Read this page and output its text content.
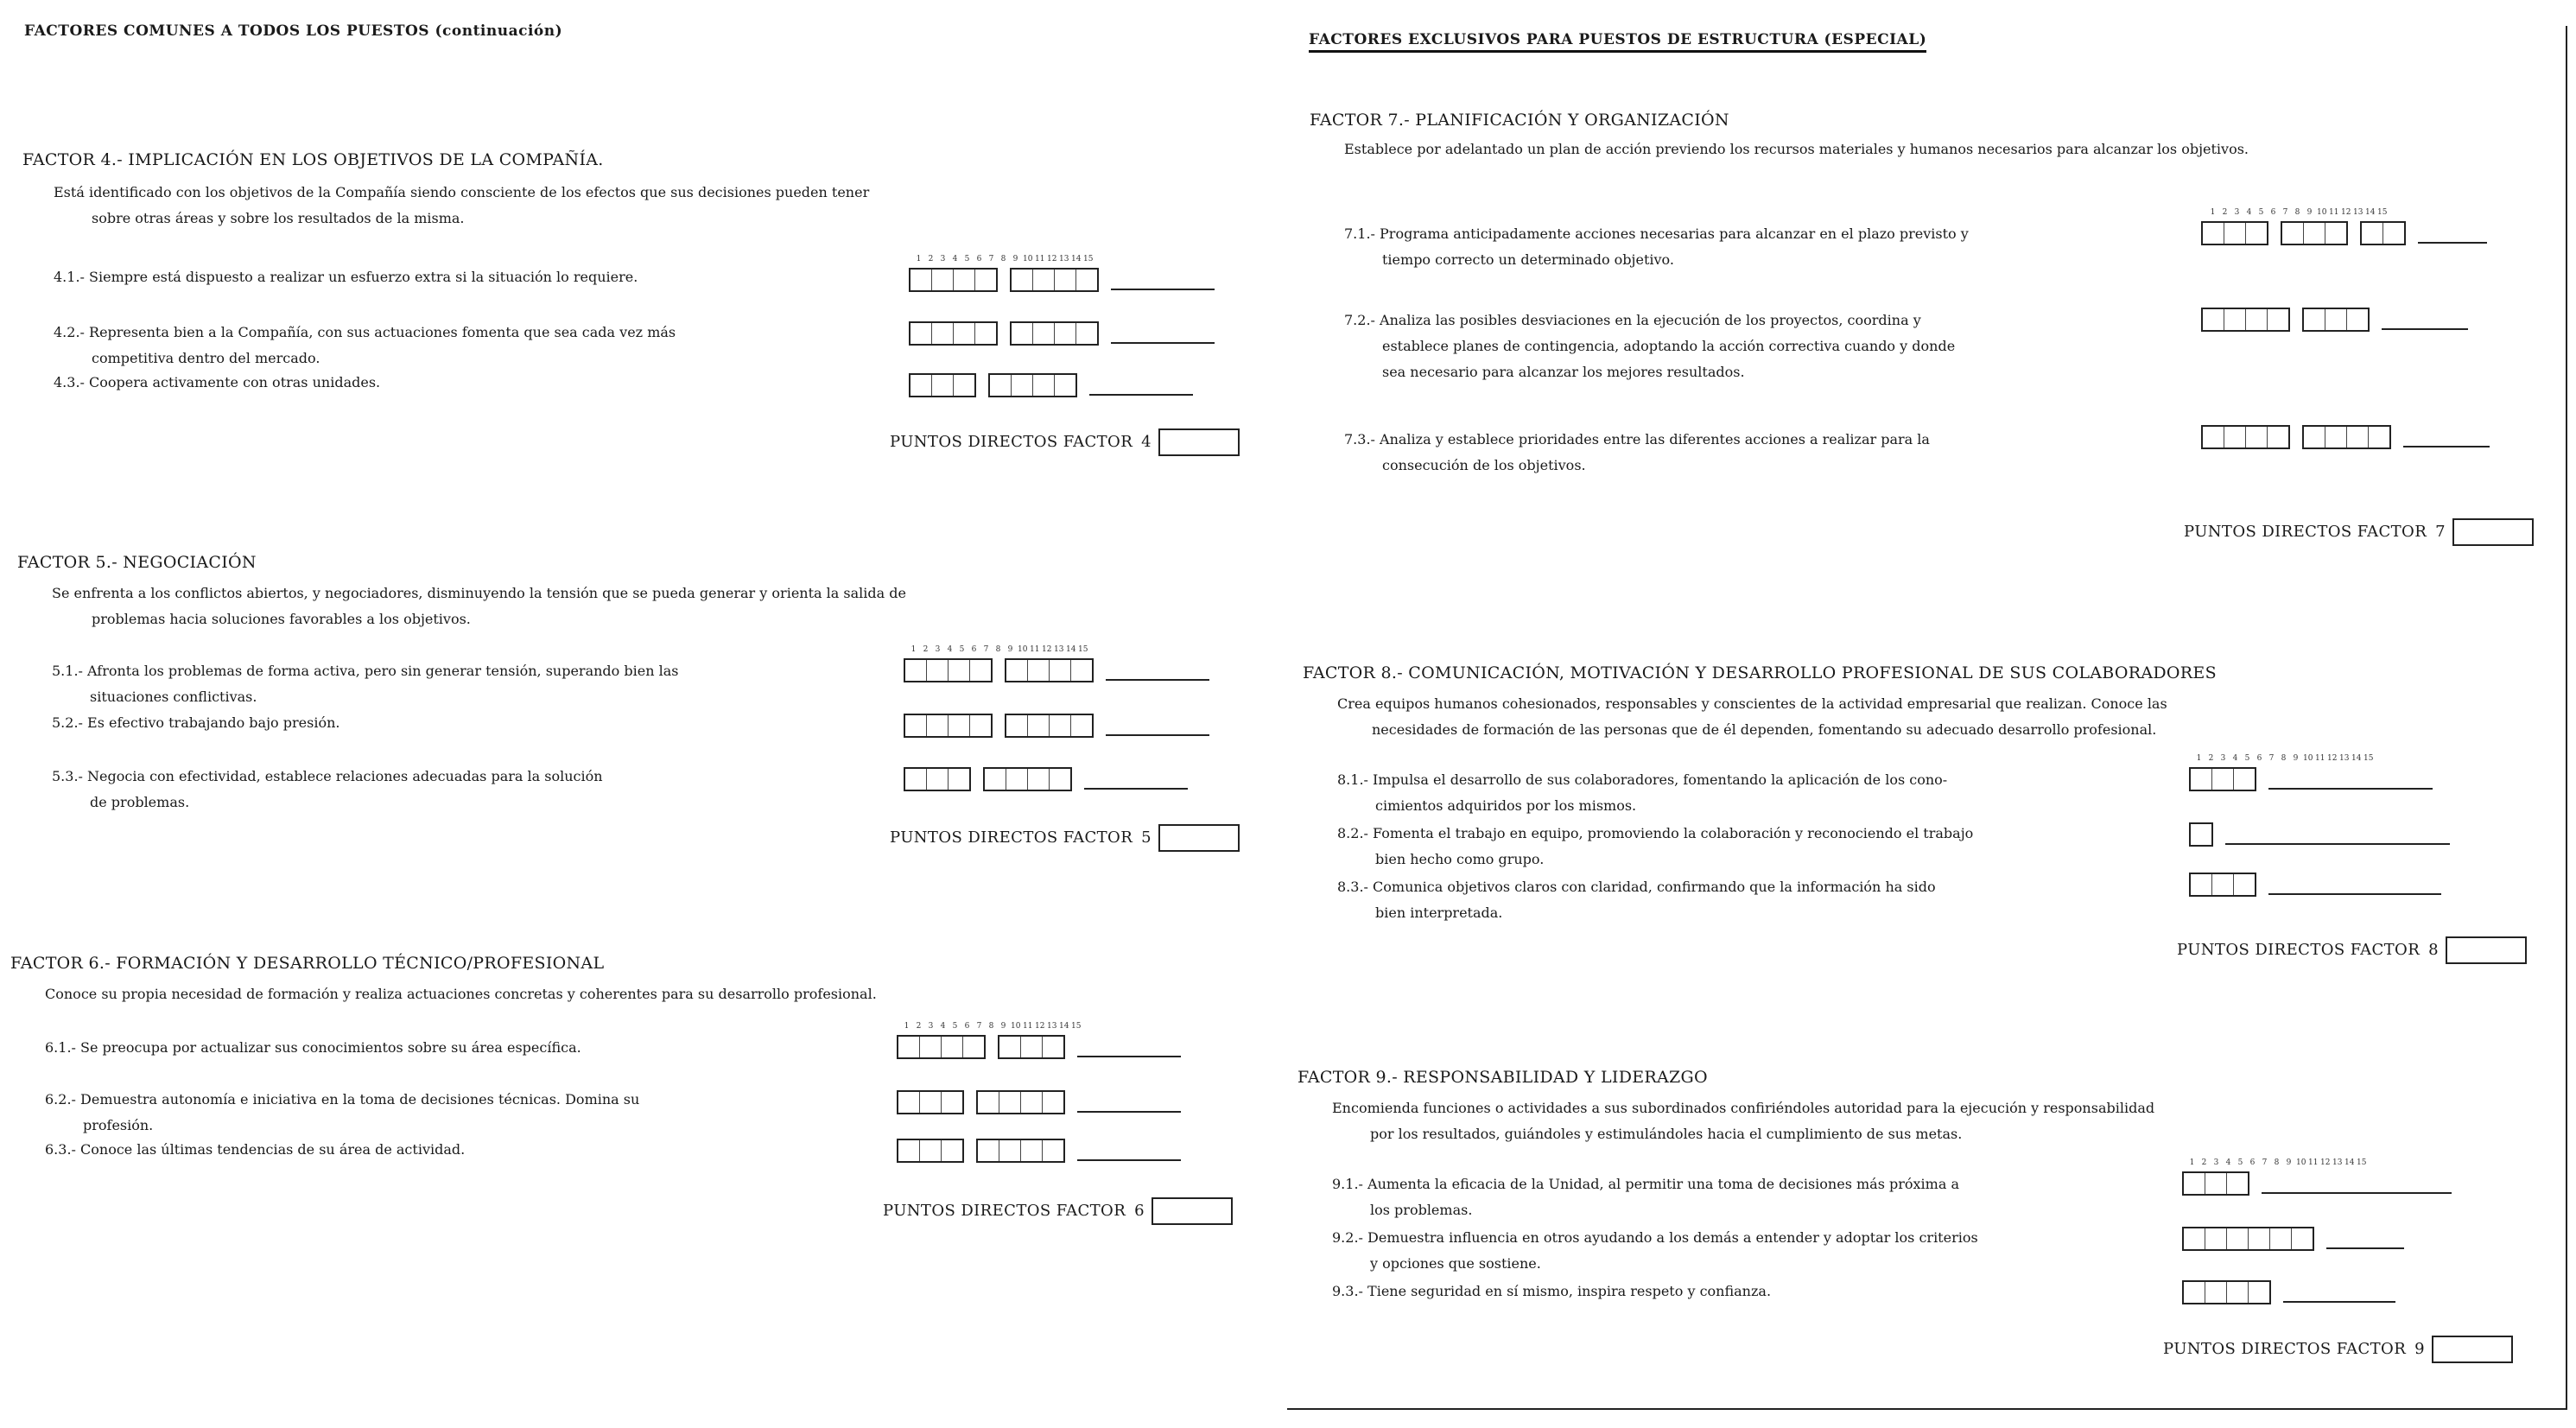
FACTORES COMUNES A TODOS LOS PUESTOS (continuación)	FACTORES EXCLUSIVOS PARA PUESTOS DE ESTRUCTURA (ESPECIAL)
FACTOR 4.- IMPLICACIÓN EN LOS OBJETIVOS DE LA COMPAÑÍA.
Está identificado con los objetivos de la Compañía siendo consciente de los efectos que sus decisiones pueden tener
sobre otras áreas y sobre los resultados de la misma.
4.1.- Siempre está dispuesto a realizar un esfuerzo extra si la situación lo requiere.
4.2.- Representa bien a la Compañía, con sus actuaciones fomenta que sea cada vez más
competitiva dentro del mercado.
4.3.- Coopera activamente con otras unidades.
1 2 3 4 5 6 7 8 9 10 11 12 13 14 15
PUNTOS DIRECTOS FACTOR 4
FACTOR 5.- NEGOCIACIÓN
Se enfrenta a los conflictos abiertos, y negociadores, disminuyendo la tensión que se pueda generar y orienta la salida de
problemas hacia soluciones favorables a los objetivos.
5.1.- Afronta los problemas de forma activa, pero sin generar tensión, superando bien las
situaciones conflictivas.
5.2.- Es efectivo trabajando bajo presión.
5.3.- Negocia con efectividad, establece relaciones adecuadas para la solución
de problemas.
1 2 3 4 5 6 7 8 9 10 11 12 13 14 15
PUNTOS DIRECTOS FACTOR 5
FACTOR 6.- FORMACIÓN Y DESARROLLO TÉCNICO/PROFESIONAL
Conoce su propia necesidad de formación y realiza actuaciones concretas y coherentes para su desarrollo profesional.
6.1.- Se preocupa por actualizar sus conocimientos sobre su área específica.
6.2.- Demuestra autonomía e iniciativa en la toma de decisiones técnicas. Domina su
profesión.
6.3.- Conoce las últimas tendencias de su área de actividad.
1 2 3 4 5 6 7 8 9 10 11 12 13 14 15
PUNTOS DIRECTOS FACTOR 6
FACTOR 7.- PLANIFICACIÓN Y ORGANIZACIÓN
Establece por adelantado un plan de acción previendo los recursos materiales y humanos necesarios para alcanzar los objetivos.
7.1.- Programa anticipadamente acciones necesarias para alcanzar en el plazo previsto y
tiempo correcto un determinado objetivo.
7.2.- Analiza las posibles desviaciones en la ejecución de los proyectos, coordina y
establece planes de contingencia, adoptando la acción correctiva cuando y donde
sea necesario para alcanzar los mejores resultados.
7.3.- Analiza y establece prioridades entre las diferentes acciones a realizar para la
consecución de los objetivos.
1 2 3 4 5 6 7 8 9 10 11 12 13 14 15
PUNTOS DIRECTOS FACTOR 7
FACTOR 8.- COMUNICACIÓN, MOTIVACIÓN Y DESARROLLO PROFESIONAL DE SUS COLABORADORES
Crea equipos humanos cohesionados, responsables y conscientes de la actividad empresarial que realizan. Conoce las
necesidades de formación de las personas que de él dependen, fomentando su adecuado desarrollo profesional.
8.1.- Impulsa el desarrollo de sus colaboradores, fomentando la aplicación de los cono-
cimientos adquiridos por los mismos.
8.2.- Fomenta el trabajo en equipo, promoviendo la colaboración y reconociendo el trabajo
bien hecho como grupo.
8.3.- Comunica objetivos claros con claridad, confirmando que la información ha sido
bien interpretada.
1 2 3 4 5 6 7 8 9 10 11 12 13 14 15
PUNTOS DIRECTOS FACTOR 8
FACTOR 9.- RESPONSABILIDAD Y LIDERAZGO
Encomienda funciones o actividades a sus subordinados confiriéndoles autoridad para la ejecución y responsabilidad
por los resultados, guiándoles y estimulándoles hacia el cumplimiento de sus metas.
9.1.- Aumenta la eficacia de la Unidad, al permitir una toma de decisiones más próxima a
los problemas.
9.2.- Demuestra influencia en otros ayudando a los demás a entender y adoptar los criterios
y opciones que sostiene.
9.3.- Tiene seguridad en sí mismo, inspira respeto y confianza.
1 2 3 4 5 6 7 8 9 10 11 12 13 14 15
PUNTOS DIRECTOS FACTOR 9
